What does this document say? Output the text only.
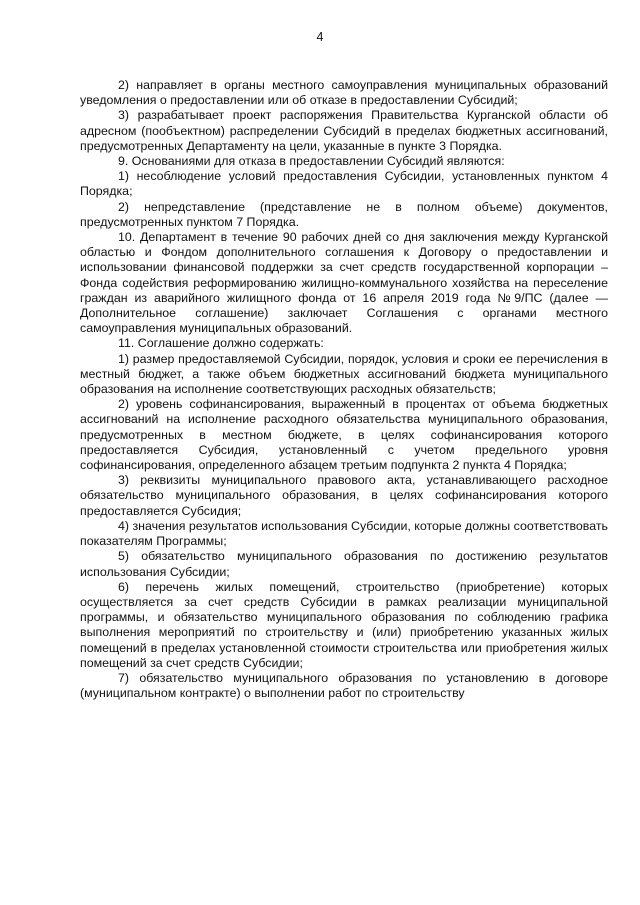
4

2) направляет в органы местного самоуправления муниципальных образований уведомления о предоставлении или об отказе в предоставлении Субсидий;

3) разрабатывает проект распоряжения Правительства Курганской области об адресном (пообъектном) распределении Субсидий в пределах бюджетных ассигнований, предусмотренных Департаменту на цели, указанные в пункте 3 Порядка.

9. Основаниями для отказа в предоставлении Субсидий являются:

1) несоблюдение условий предоставления Субсидии, установленных пунктом 4 Порядка;

2) непредставление (представление не в полном объеме) документов, предусмотренных пунктом 7 Порядка.

10. Департамент в течение 90 рабочих дней со дня заключения между Курганской областью и Фондом дополнительного соглашения к Договору о предоставлении и использовании финансовой поддержки за счет средств государственной корпорации – Фонда содействия реформированию жилищно-коммунального хозяйства на переселение граждан из аварийного жилищного фонда от 16 апреля 2019 года №9/ПС (далее — Дополнительное соглашение) заключает Соглашения с органами местного самоуправления муниципальных образований.

11. Соглашение должно содержать:

1) размер предоставляемой Субсидии, порядок, условия и сроки ее перечисления в местный бюджет, а также объем бюджетных ассигнований бюджета муниципального образования на исполнение соответствующих расходных обязательств;

2) уровень софинансирования, выраженный в процентах от объема бюджетных ассигнований на исполнение расходного обязательства муниципального образования, предусмотренных в местном бюджете, в целях софинансирования которого предоставляется Субсидия, установленный с учетом предельного уровня софинансирования, определенного абзацем третьим подпункта 2 пункта 4 Порядка;

3) реквизиты муниципального правового акта, устанавливающего расходное обязательство муниципального образования, в целях софинансирования которого предоставляется Субсидия;

4) значения результатов использования Субсидии, которые должны соответствовать показателям Программы;

5) обязательство муниципального образования по достижению результатов использования Субсидии;

6) перечень жилых помещений, строительство (приобретение) которых осуществляется за счет средств Субсидии в рамках реализации муниципальной программы, и обязательство муниципального образования по соблюдению графика выполнения мероприятий по строительству и (или) приобретению указанных жилых помещений в пределах установленной стоимости строительства или приобретения жилых помещений за счет средств Субсидии;

7) обязательство муниципального образования по установлению в договоре (муниципальном контракте) о выполнении работ по строительству
